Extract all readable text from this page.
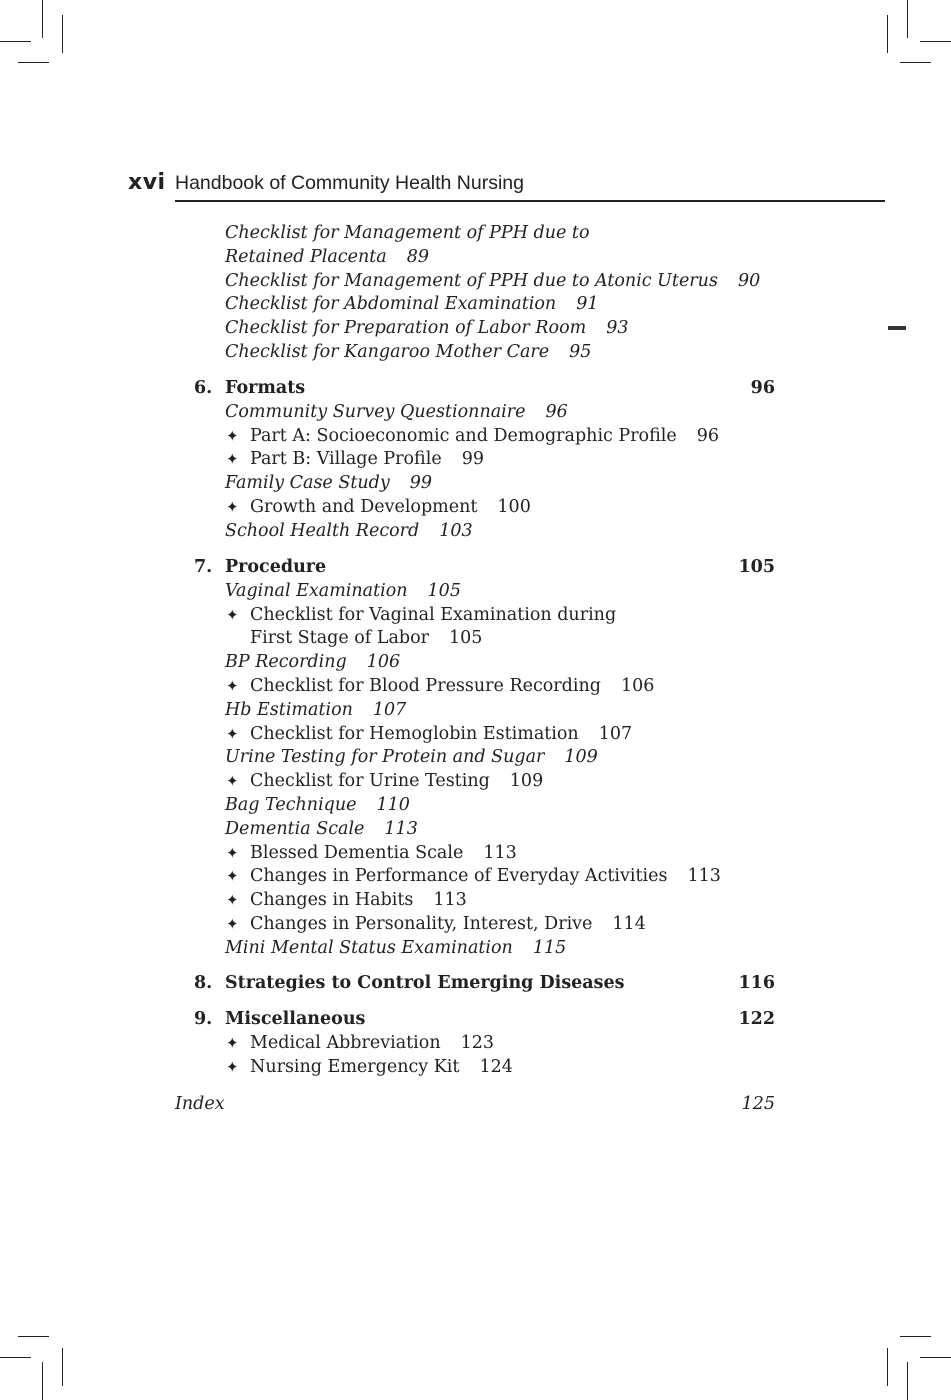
xvi Handbook of Community Health Nursing
Checklist for Management of PPH due to
Retained Placenta 89
Checklist for Management of PPH due to Atonic Uterus 90
Checklist for Abdominal Examination 91
Checklist for Preparation of Labor Room 93
Checklist for Kangaroo Mother Care 95
6. Formats	96
Community Survey Questionnaire 96
✦ Part A: Socioeconomic and Demographic Profile 96
✦ Part B: Village Profile 99
Family Case Study 99
✦ Growth and Development 100
School Health Record 103
7. Procedure	105
Vaginal Examination 105
✦ Checklist for Vaginal Examination during
First Stage of Labor 105
BP Recording 106
✦ Checklist for Blood Pressure Recording 106
Hb Estimation 107
✦ Checklist for Hemoglobin Estimation 107
Urine Testing for Protein and Sugar 109
✦ Checklist for Urine Testing 109
Bag Technique 110
Dementia Scale 113
✦ Blessed Dementia Scale 113
✦ Changes in Performance of Everyday Activities 113
✦ Changes in Habits 113
✦ Changes in Personality, Interest, Drive 114
Mini Mental Status Examination 115
8. Strategies to Control Emerging Diseases	116
9. Miscellaneous	122
✦ Medical Abbreviation 123
✦ Nursing Emergency Kit 124
Index	125
